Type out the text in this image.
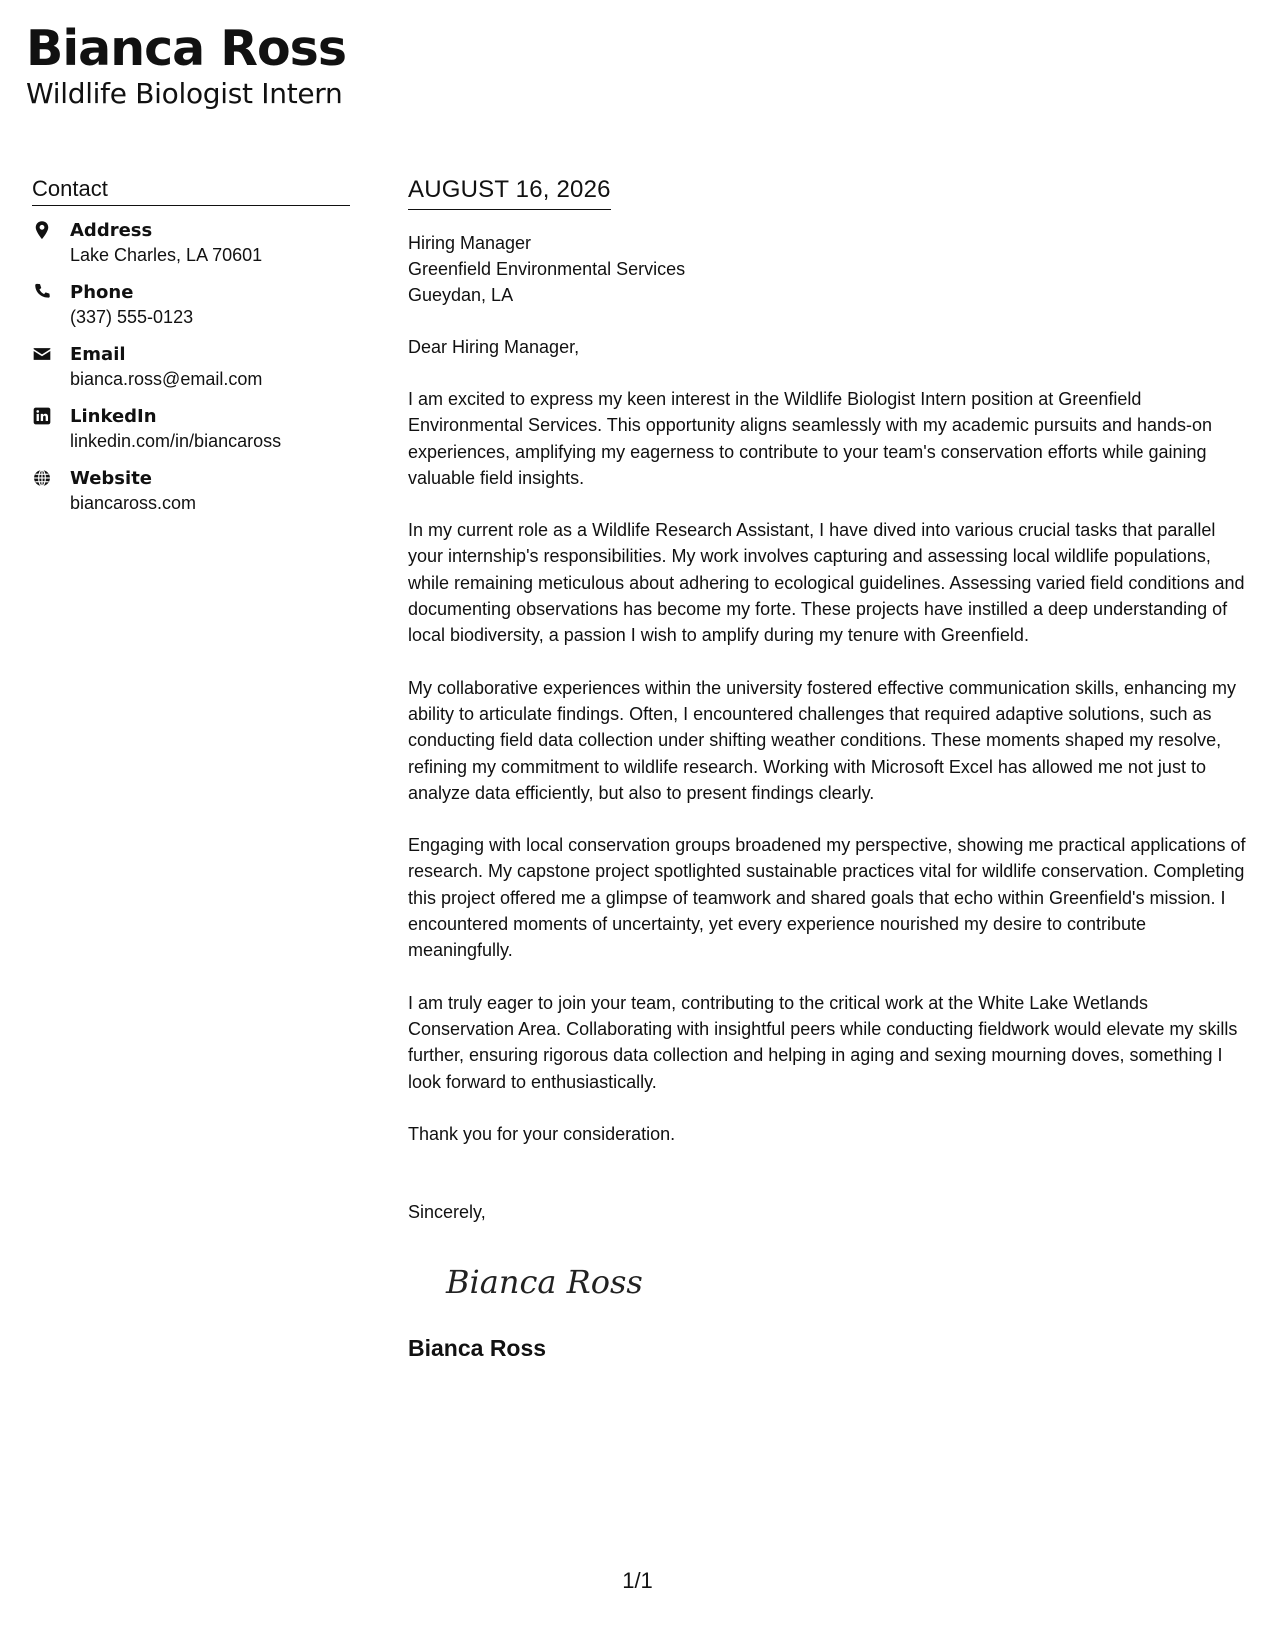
Bianca Ross
Wildlife Biologist Intern
Contact
Address
Lake Charles, LA 70601
Phone
(337) 555-0123
Email
bianca.ross@email.com
LinkedIn
linkedin.com/in/biancaross
Website
biancaross.com
AUGUST 16, 2026
Hiring Manager
Greenfield Environmental Services
Gueydan, LA
Dear Hiring Manager,
I am excited to express my keen interest in the Wildlife Biologist Intern position at Greenfield Environmental Services. This opportunity aligns seamlessly with my academic pursuits and hands-on experiences, amplifying my eagerness to contribute to your team's conservation efforts while gaining valuable field insights.
In my current role as a Wildlife Research Assistant, I have dived into various crucial tasks that parallel your internship's responsibilities. My work involves capturing and assessing local wildlife populations, while remaining meticulous about adhering to ecological guidelines. Assessing varied field conditions and documenting observations has become my forte. These projects have instilled a deep understanding of local biodiversity, a passion I wish to amplify during my tenure with Greenfield.
My collaborative experiences within the university fostered effective communication skills, enhancing my ability to articulate findings. Often, I encountered challenges that required adaptive solutions, such as conducting field data collection under shifting weather conditions. These moments shaped my resolve, refining my commitment to wildlife research. Working with Microsoft Excel has allowed me not just to analyze data efficiently, but also to present findings clearly.
Engaging with local conservation groups broadened my perspective, showing me practical applications of research. My capstone project spotlighted sustainable practices vital for wildlife conservation. Completing this project offered me a glimpse of teamwork and shared goals that echo within Greenfield's mission. I encountered moments of uncertainty, yet every experience nourished my desire to contribute meaningfully.
I am truly eager to join your team, contributing to the critical work at the White Lake Wetlands Conservation Area. Collaborating with insightful peers while conducting fieldwork would elevate my skills further, ensuring rigorous data collection and helping in aging and sexing mourning doves, something I look forward to enthusiastically.
Thank you for your consideration.
Sincerely,
Bianca Ross
Bianca Ross
1/1
